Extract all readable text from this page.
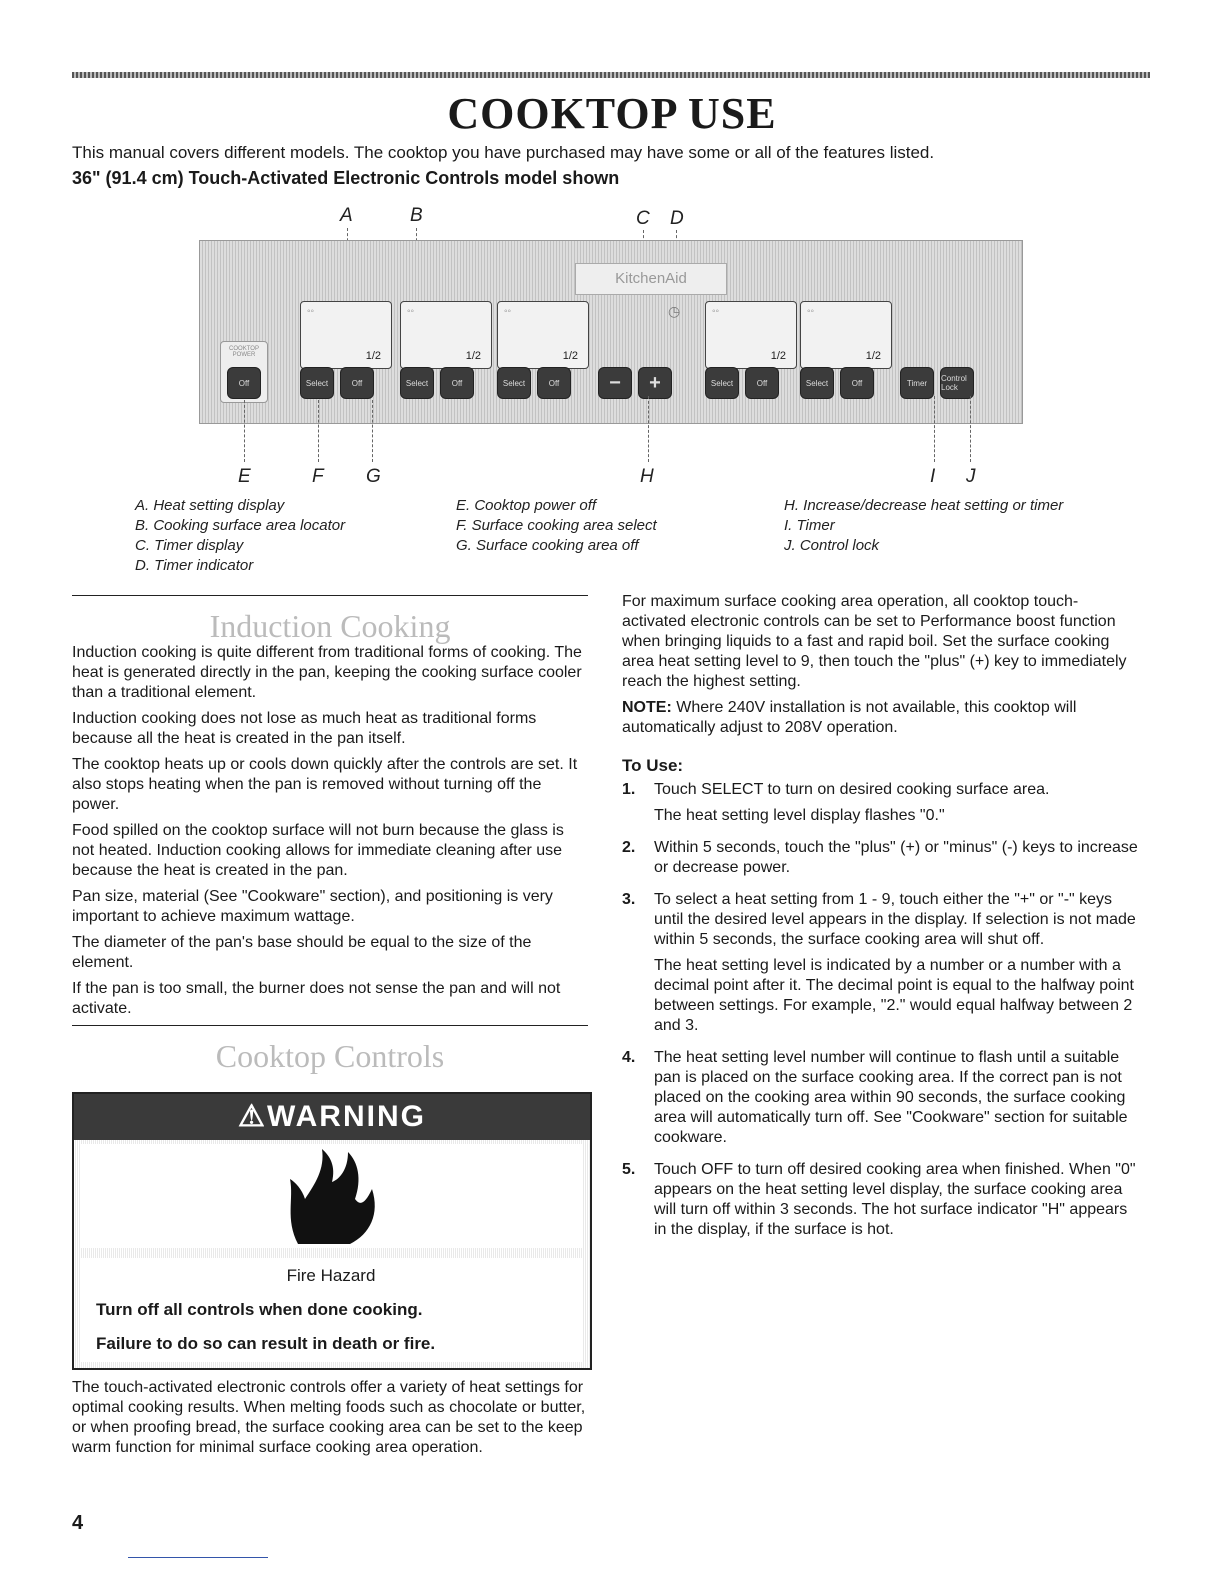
COOKTOP USE
This manual covers different models. The cooktop you have purchased may have some or all of the features listed.
36" (91.4 cm) Touch-Activated Electronic Controls model shown
A	B	C D
KitchenAid
COOKTOP POWER
◦◦
1/2
◦◦
1/2
◦◦
1/2
◷	◦◦
1/2
◦◦
1/2
Off	Select	Off	Select	Off	Select	Off	−	+	Select	Off	Select	Off	Timer	Control Lock
E	F G	H	I J
A. Heat setting display
B. Cooking surface area locator
C. Timer display
D. Timer indicator
E. Cooktop power off
F. Surface cooking area select
G. Surface cooking area off
H. Increase/decrease heat setting or timer
I. Timer
J. Control lock
Induction Cooking

Induction cooking is quite different from traditional forms of cooking. The heat is generated directly in the pan, keeping the cooking surface cooler than a traditional element.

Induction cooking does not lose as much heat as traditional forms because all the heat is created in the pan itself.

The cooktop heats up or cools down quickly after the controls are set. It also stops heating when the pan is removed without turning off the power.

Food spilled on the cooktop surface will not burn because the glass is not heated. Induction cooking allows for immediate cleaning after use because the heat is created in the pan.

Pan size, material (See "Cookware" section), and positioning is very important to achieve maximum wattage.

The diameter of the pan's base should be equal to the size of the element.

If the pan is too small, the burner does not sense the pan and will not activate.

Cooktop Controls
⚠WARNING
Fire Hazard
Turn off all controls when done cooking.
Failure to do so can result in death or fire.

The touch-activated electronic controls offer a variety of heat settings for optimal cooking results. When melting foods such as chocolate or butter, or when proofing bread, the surface cooking area can be set to the keep warm function for minimal surface cooking area operation.

For maximum surface cooking area operation, all cooktop touch-activated electronic controls can be set to Performance boost function when bringing liquids to a fast and rapid boil. Set the surface cooking area heat setting level to 9, then touch the "plus" (+) key to immediately reach the highest setting.

NOTE: Where 240V installation is not available, this cooktop will automatically adjust to 208V operation.

To Use:
1.	Touch SELECT to turn on desired cooking surface area.

The heat setting level display flashes "0."

2.	Within 5 seconds, touch the "plus" (+) or "minus" (-) keys to increase or decrease power.

3.	To select a heat setting from 1 - 9, touch either the "+" or "-" keys until the desired level appears in the display. If selection is not made within 5 seconds, the surface cooking area will shut off.

The heat setting level is indicated by a number or a number with a decimal point after it. The decimal point is equal to the halfway point between settings. For example, "2." would equal halfway between 2 and 3.

4.	The heat setting level number will continue to flash until a suitable pan is placed on the surface cooking area. If the correct pan is not placed on the cooking area within 90 seconds, the surface cooking area will automatically turn off. See "Cookware" section for suitable cookware.

5.	Touch OFF to turn off desired cooking area when finished. When "0" appears on the heat setting level display, the surface cooking area will turn off within 3 seconds. The hot surface indicator "H" appears in the display, if the surface is hot.

4
